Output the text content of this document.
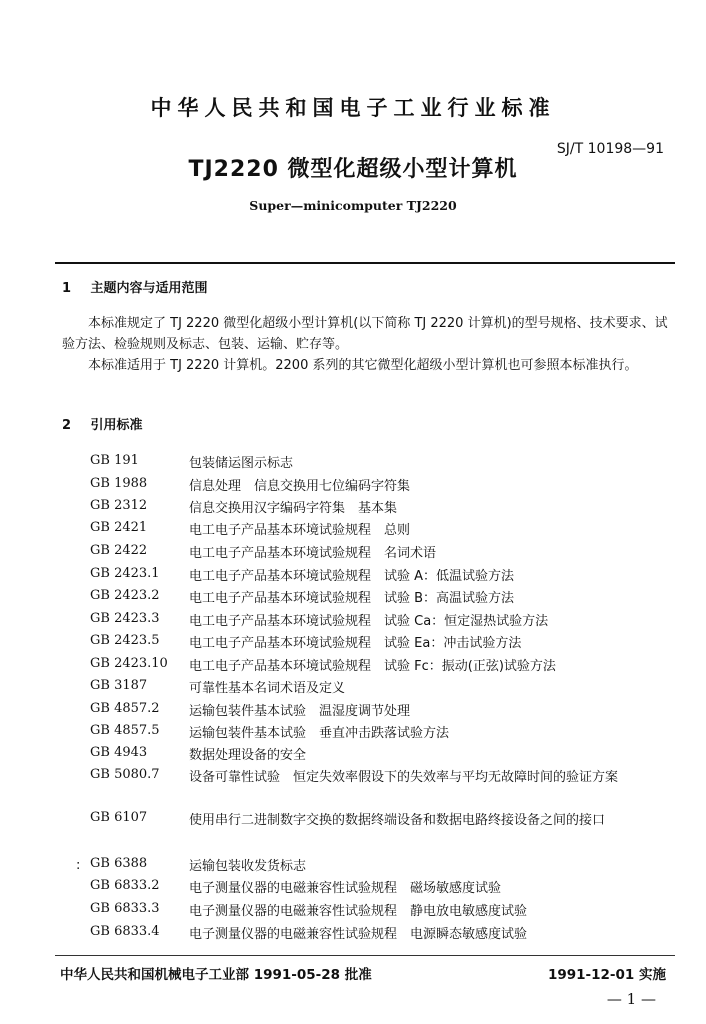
中华人民共和国电子工业行业标准
SJ/T 10198—91
TJ2220 微型化超级小型计算机
Super—minicomputer TJ2220
1 主题内容与适用范围
本标准规定了 TJ 2220 微型化超级小型计算机(以下简称 TJ 2220 计算机)的型号规格、技术要求、试验方法、检验规则及标志、包装、运输、贮存等。
本标准适用于 TJ 2220 计算机。2200 系列的其它微型化超级小型计算机也可参照本标准执行。
2 引用标准
GB 191	包装储运图示标志
GB 1988	信息处理　信息交换用七位编码字符集
GB 2312	信息交换用汉字编码字符集　基本集
GB 2421	电工电子产品基本环境试验规程　总则
GB 2422	电工电子产品基本环境试验规程　名词术语
GB 2423.1	电工电子产品基本环境试验规程　试验 A：低温试验方法
GB 2423.2	电工电子产品基本环境试验规程　试验 B：高温试验方法
GB 2423.3	电工电子产品基本环境试验规程　试验 Ca：恒定湿热试验方法
GB 2423.5	电工电子产品基本环境试验规程　试验 Ea：冲击试验方法
GB 2423.10	电工电子产品基本环境试验规程　试验 Fc：振动(正弦)试验方法
GB 3187	可靠性基本名词术语及定义
GB 4857.2	运输包装件基本试验　温湿度调节处理
GB 4857.5	运输包装件基本试验　垂直冲击跌落试验方法
GB 4943	数据处理设备的安全
GB 5080.7	设备可靠性试验　恒定失效率假设下的失效率与平均无故障时间的验证方案
GB 6107	使用串行二进制数字交换的数据终端设备和数据电路终接设备之间的接口
GB 6388	运输包装收发货标志
GB 6833.2	电子测量仪器的电磁兼容性试验规程　磁场敏感度试验
GB 6833.3	电子测量仪器的电磁兼容性试验规程　静电放电敏感度试验
GB 6833.4	电子测量仪器的电磁兼容性试验规程　电源瞬态敏感度试验
:
中华人民共和国机械电子工业部 1991-05-28 批准	1991-12-01 实施
— 1 —
